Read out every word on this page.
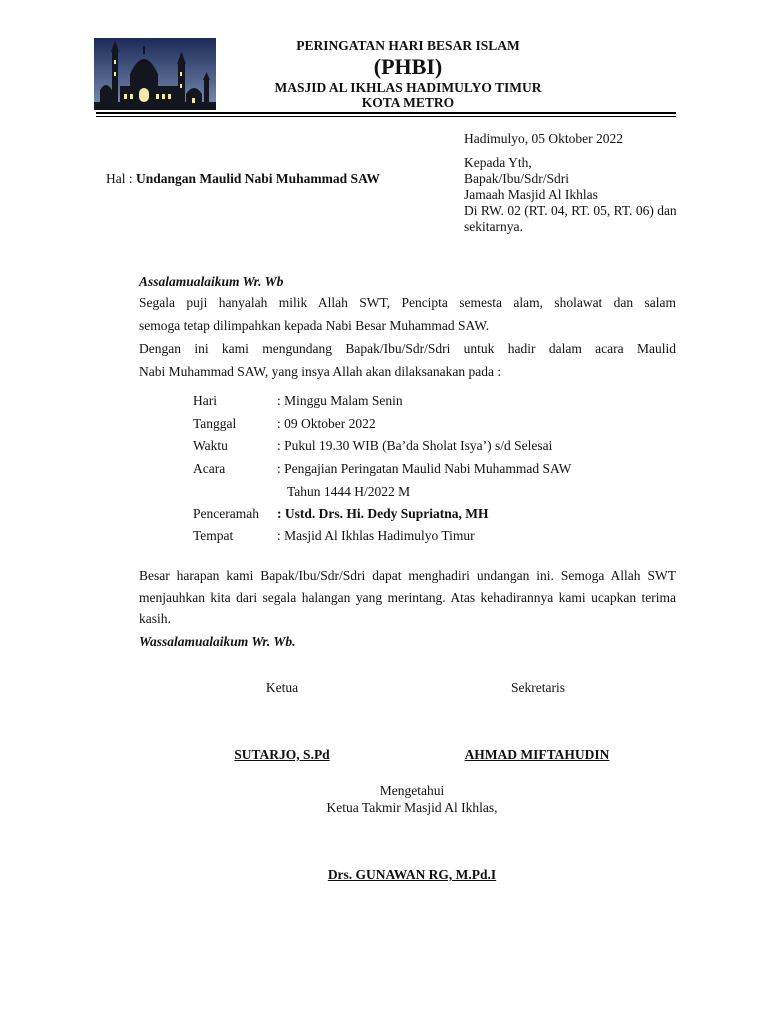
PERINGATAN HARI BESAR ISLAM
(PHBI)
MASJID AL IKHLAS HADIMULYO TIMUR
KOTA METRO
Hadimulyo, 05 Oktober 2022
Kepada Yth,
Bapak/Ibu/Sdr/Sdri
Jamaah Masjid Al Ikhlas
Di RW. 02 (RT. 04, RT. 05, RT. 06) dan sekitarnya.
Hal : Undangan Maulid Nabi Muhammad SAW
Assalamualaikum Wr. Wb
Segala puji hanyalah milik Allah SWT, Pencipta semesta alam, sholawat dan salam
semoga tetap dilimpahkan kepada Nabi Besar Muhammad SAW.
Dengan ini kami mengundang Bapak/Ibu/Sdr/Sdri untuk hadir dalam acara Maulid
Nabi Muhammad SAW, yang insya Allah akan dilaksanakan pada :
Hari	: Minggu Malam Senin
Tanggal	: 09 Oktober 2022
Waktu	: Pukul 19.30 WIB (Ba’da Sholat Isya’) s/d Selesai
Acara	: Pengajian Peringatan Maulid Nabi Muhammad SAW
Tahun 1444 H/2022 M
Penceramah : Ustd. Drs. Hi. Dedy Supriatna, MH
Tempat	: Masjid Al Ikhlas Hadimulyo Timur
Besar harapan kami Bapak/Ibu/Sdr/Sdri dapat menghadiri undangan ini. Semoga Allah SWT menjauhkan kita dari segala halangan yang merintang. Atas kehadirannya kami ucapkan terima kasih.
Wassalamualaikum Wr. Wb.
Ketua	Sekretaris
SUTARJO, S.Pd	AHMAD MIFTAHUDIN
Mengetahui
Ketua Takmir Masjid Al Ikhlas,
Drs. GUNAWAN RG, M.Pd.I
